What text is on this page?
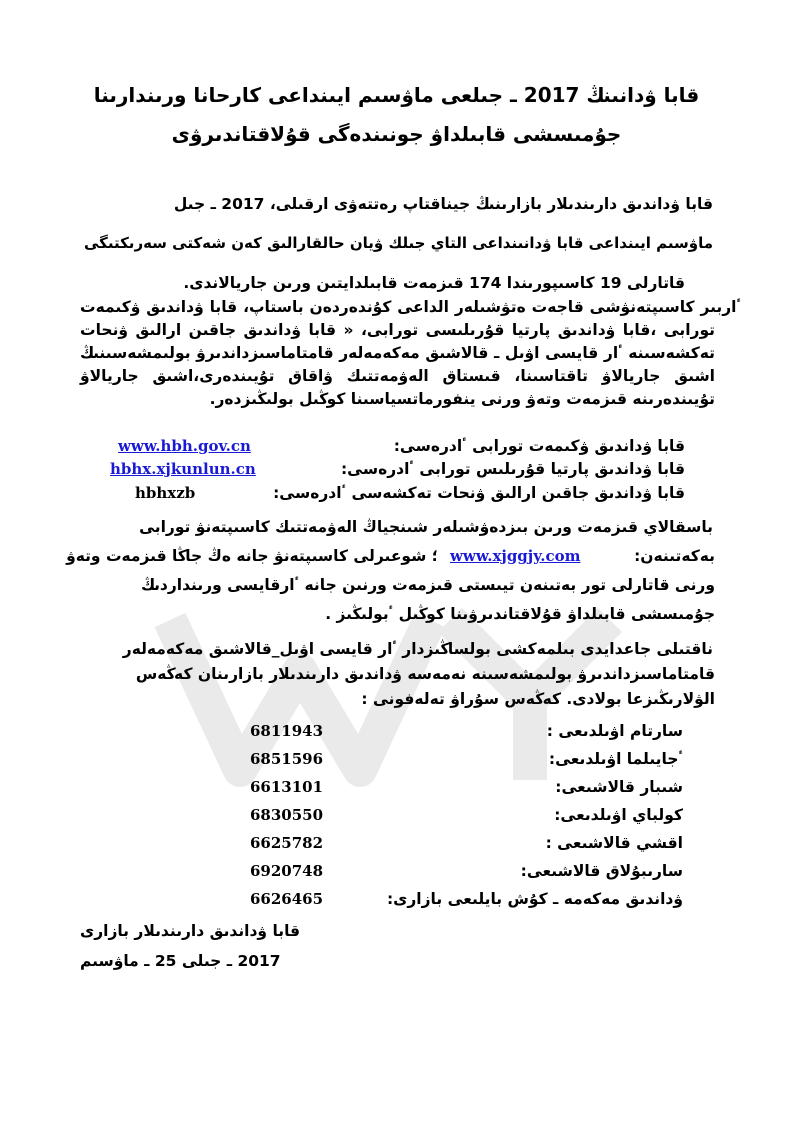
قابا ۋدانىنڭ 2017 ـ جىلعى ماۋسىم ايىنداعى كارحانا ورىندارىنا
جۇمىسشى قابىلداۋ جونىندەگى قۇلاقتاندىرۋى
قابا ۋداندىق دارىندىلار بازارىنىڭ جيناقتاپ رەتتەۋى ارقىلى، 2017 ـ جىل
ماۋسىم ايىنداعى قابا ۋدانىنداعى التاي جىلك ۋيان حالقارالىق كەن شەكتى سەرىكتىگى
قاتارلى 19 كاسىپورىندا 174 قىزمەت قابىلدايتىن ورىن جاريالاندى.
ٴاربىر كاسىپتەنۋشى قاجەت ەتۋشىلەر الداعى كۇندەردەن باستاپ، قابا ۋداندىق ۋكىمەت تورابى ،قابا ۋداندىق پارتيا قۇرىلىسى تورابى، « قابا ۋداندىق جاقىن ارالىق ۋنحات تەكشەسىنە ٴار قايسى اۋىل ـ قالاشىق مەكەمەلەر قامتاماسىزداندىرۋ بولىمشەسىنىڭ اشىق جاريالاۋ تاقتاسىنا، قىستاق الەۋمەتتىك ۋاقاق تۇيىندەرى،اشىق جاريالاۋ تۇيىندەرىنە قىزمەت وتەۋ ورنى ينفورماتسياسىنا كوڭىل بولىڭىزدەر.
قابا ۋداندىق ۋكىمەت تورابى ٴادرەسى:
www.hbh.gov.cn
قابا ۋداندىق پارتيا قۇرىلىس تورابى ٴادرەسى:
hbhx.xjkunlun.cn
قابا ۋداندىق جاقىن ارالىق ۋنحات تەكشەسى ٴادرەسى:
hbhxzb
باسقالاي قىزمەت ورىن بىزدەۋشىلەر شىنجياڭ الەۋمەتتىك كاسىپتەنۋ تورابى
بەكەتىنەن:
www.xjggjy.com
؛ شوعىرلى كاسىپتەنۋ جانە ەڭ جاڭا قىزمەت وتەۋ
ورنى قاتارلى تور بەتىنەن تيىستى قىزمەت ورنىن جانە ٴارقايسى ورىنداردىڭ
جۇمىسشى قابىلداۋ قۇلاقتاندىرۋىنا كوڭىل ٴبولىڭىز .
ناقتىلى جاعدايدى بىلمەكشى بولساڭىزدار ٴار قايسى اۋىل_قالاشىق مەكەمەلەر
قامتاماسىزداندىرۋ بولىمشەسىنە نەمەسە ۋداندىق دارىندىلار بازارىنان كەڭەس
الۋلارىڭىزعا بولادى. كەڭەس سۇراۋ تەلەفونى :
سارتام اۋىلدىعى :
6811943
ٴجايىلما اۋىلدىعى:
6851596
شىبار قالاشىعى:
6613101
كولباي اۋىلدىعى:
6830550
اقشي قالاشىعى :
6625782
سارىبۇلاق قالاشىعى:
6920748
ۋداندىق مەكەمە ـ كۇش بايلىعى بازارى:
6626465
قابا ۋداندىق دارىندىلار بازارى
2017 ـ جىلى 25 ـ ماۋسىم
